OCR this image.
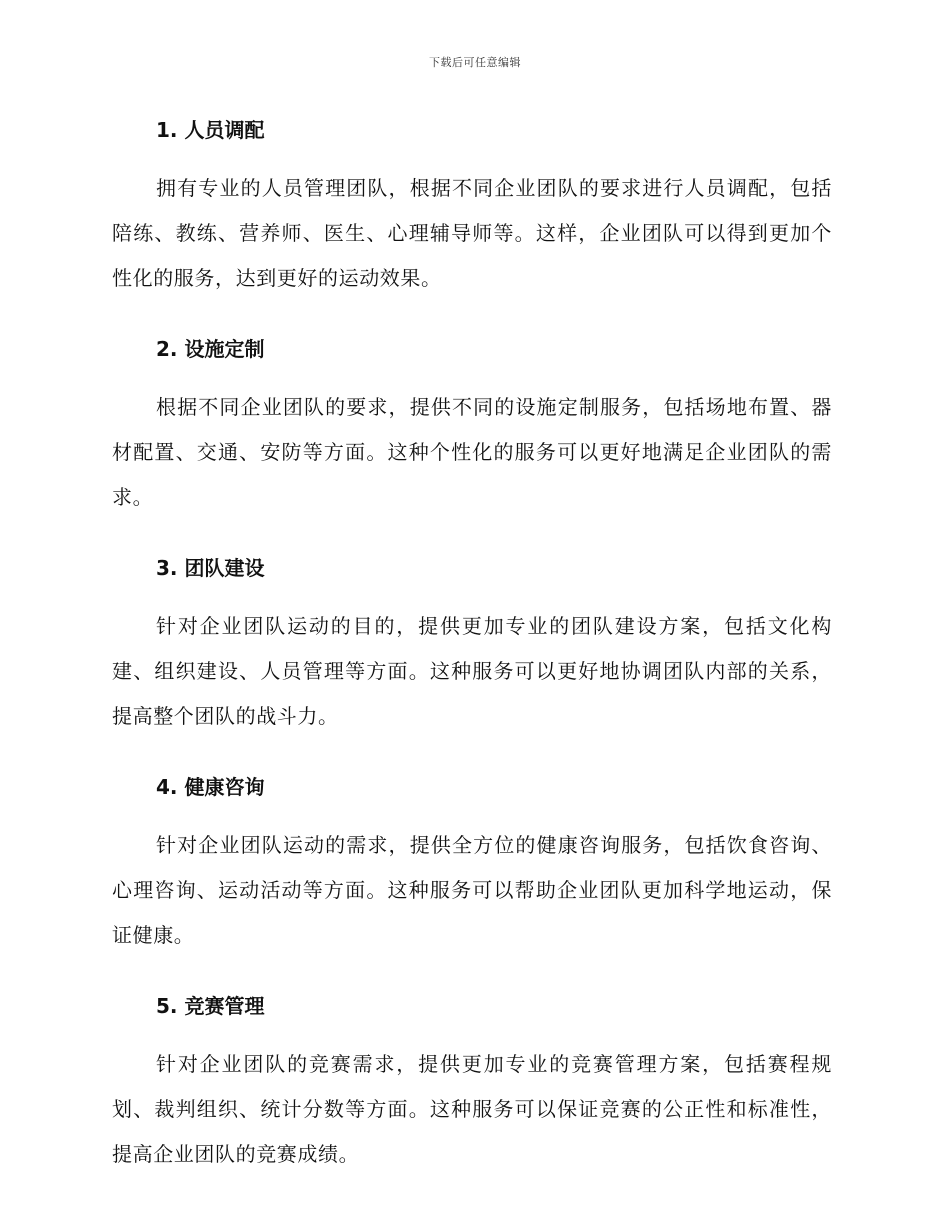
下载后可任意编辑
1. 人员调配
拥有专业的人员管理团队，根据不同企业团队的要求进行人员调配，包括陪练、教练、营养师、医生、心理辅导师等。这样，企业团队可以得到更加个性化的服务，达到更好的运动效果。
2. 设施定制
根据不同企业团队的要求，提供不同的设施定制服务，包括场地布置、器材配置、交通、安防等方面。这种个性化的服务可以更好地满足企业团队的需求。
3. 团队建设
针对企业团队运动的目的，提供更加专业的团队建设方案，包括文化构建、组织建设、人员管理等方面。这种服务可以更好地协调团队内部的关系，提高整个团队的战斗力。
4. 健康咨询
针对企业团队运动的需求，提供全方位的健康咨询服务，包括饮食咨询、心理咨询、运动活动等方面。这种服务可以帮助企业团队更加科学地运动，保证健康。
5. 竞赛管理
针对企业团队的竞赛需求，提供更加专业的竞赛管理方案，包括赛程规划、裁判组织、统计分数等方面。这种服务可以保证竞赛的公正性和标准性，提高企业团队的竞赛成绩。
